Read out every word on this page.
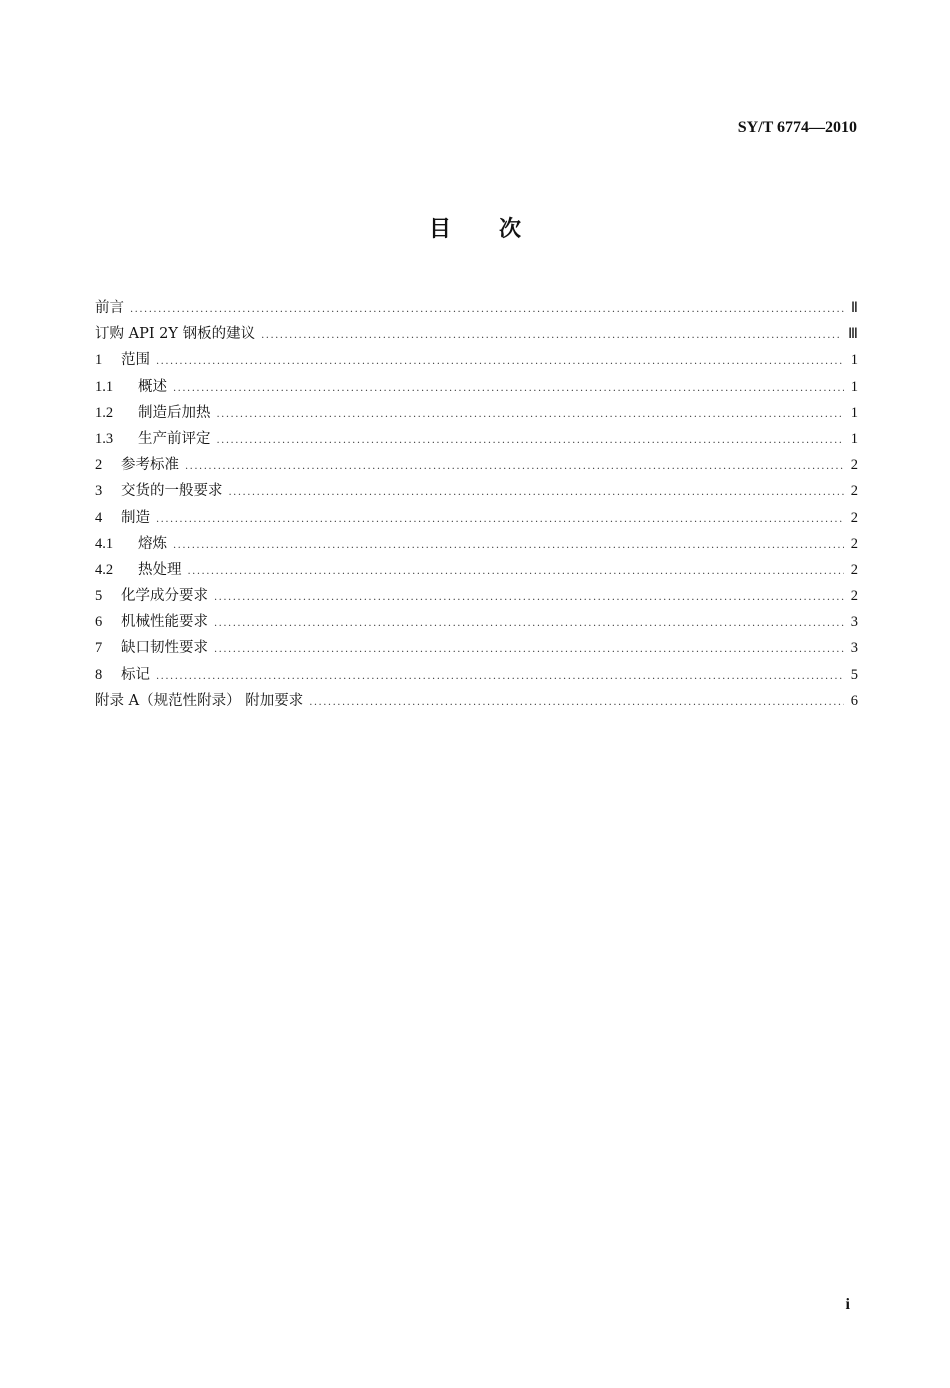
SY/T 6774—2010
目次
前言 .....	Ⅱ
订购 API 2Y 钢板的建议 .....	Ⅲ
1	范围 .....	1
1.1	概述 .....	1
1.2	制造后加热 .....	1
1.3	生产前评定 .....	1
2	参考标准 .....	2
3	交货的一般要求 .....	2
4	制造 .....	2
4.1	熔炼 .....	2
4.2	热处理 .....	2
5	化学成分要求 .....	2
6	机械性能要求 .....	3
7	缺口韧性要求 .....	3
8	标记 .....	5
附录 A（规范性附录） 附加要求 .....	6
i
